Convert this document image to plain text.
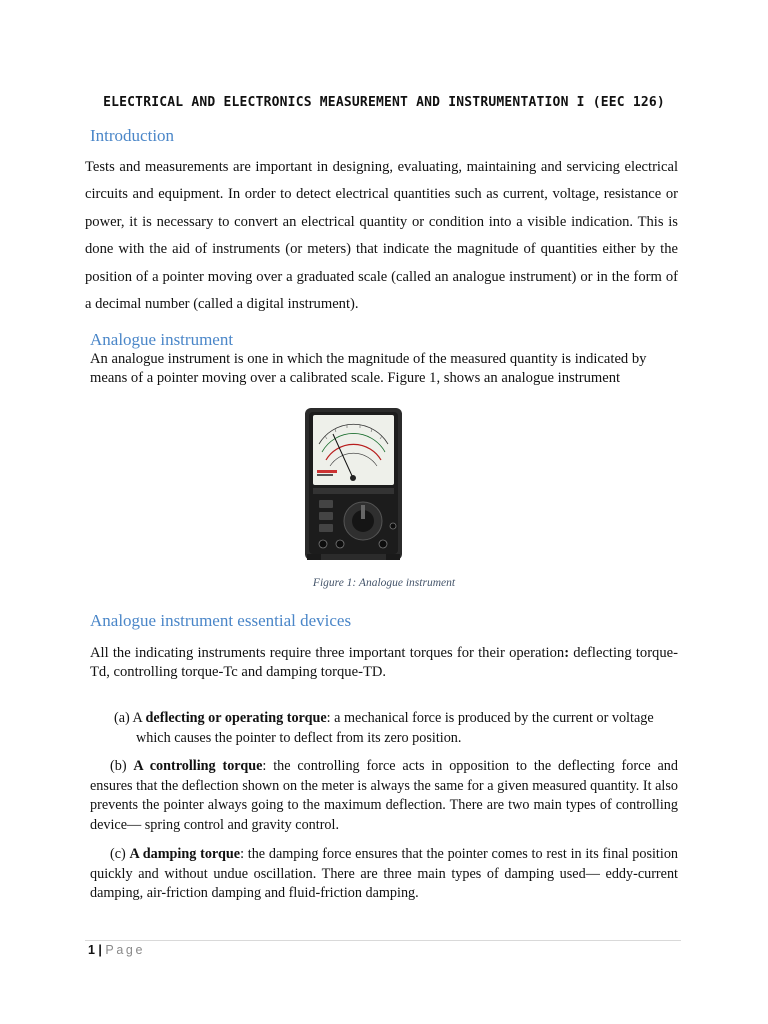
ELECTRICAL AND ELECTRONICS MEASUREMENT AND INSTRUMENTATION I (EEC 126)
Introduction

Tests and measurements are important in designing, evaluating, maintaining and servicing electrical circuits and equipment. In order to detect electrical quantities such as current, voltage, resistance or power, it is necessary to convert an electrical quantity or condition into a visible indication. This is done with the aid of instruments (or meters) that indicate the magnitude of quantities either by the position of a pointer moving over a graduated scale (called an analogue instrument) or in the form of a decimal number (called a digital instrument).

Analogue instrument

An analogue instrument is one in which the magnitude of the measured quantity is indicated by means of a pointer moving over a calibrated scale. Figure 1, shows an analogue instrument

Figure 1: Analogue instrument
Analogue instrument essential devices

All the indicating instruments require three important torques for their operation: deflecting torque-Td, controlling torque-Tc and damping torque-TD.

(a) A deflecting or operating torque: a mechanical force is produced by the current or voltage
which causes the pointer to deflect from its zero position.
(b) A controlling torque: the controlling force acts in opposition to the deflecting force and ensures that the deflection shown on the meter is always the same for a given measured quantity. It also prevents the pointer always going to the maximum deflection. There are two main types of controlling device— spring control and gravity control.
(c) A damping torque: the damping force ensures that the pointer comes to rest in its final position quickly and without undue oscillation. There are three main types of damping used— eddy-current damping, air-friction damping and fluid-friction damping.
1 | Page
